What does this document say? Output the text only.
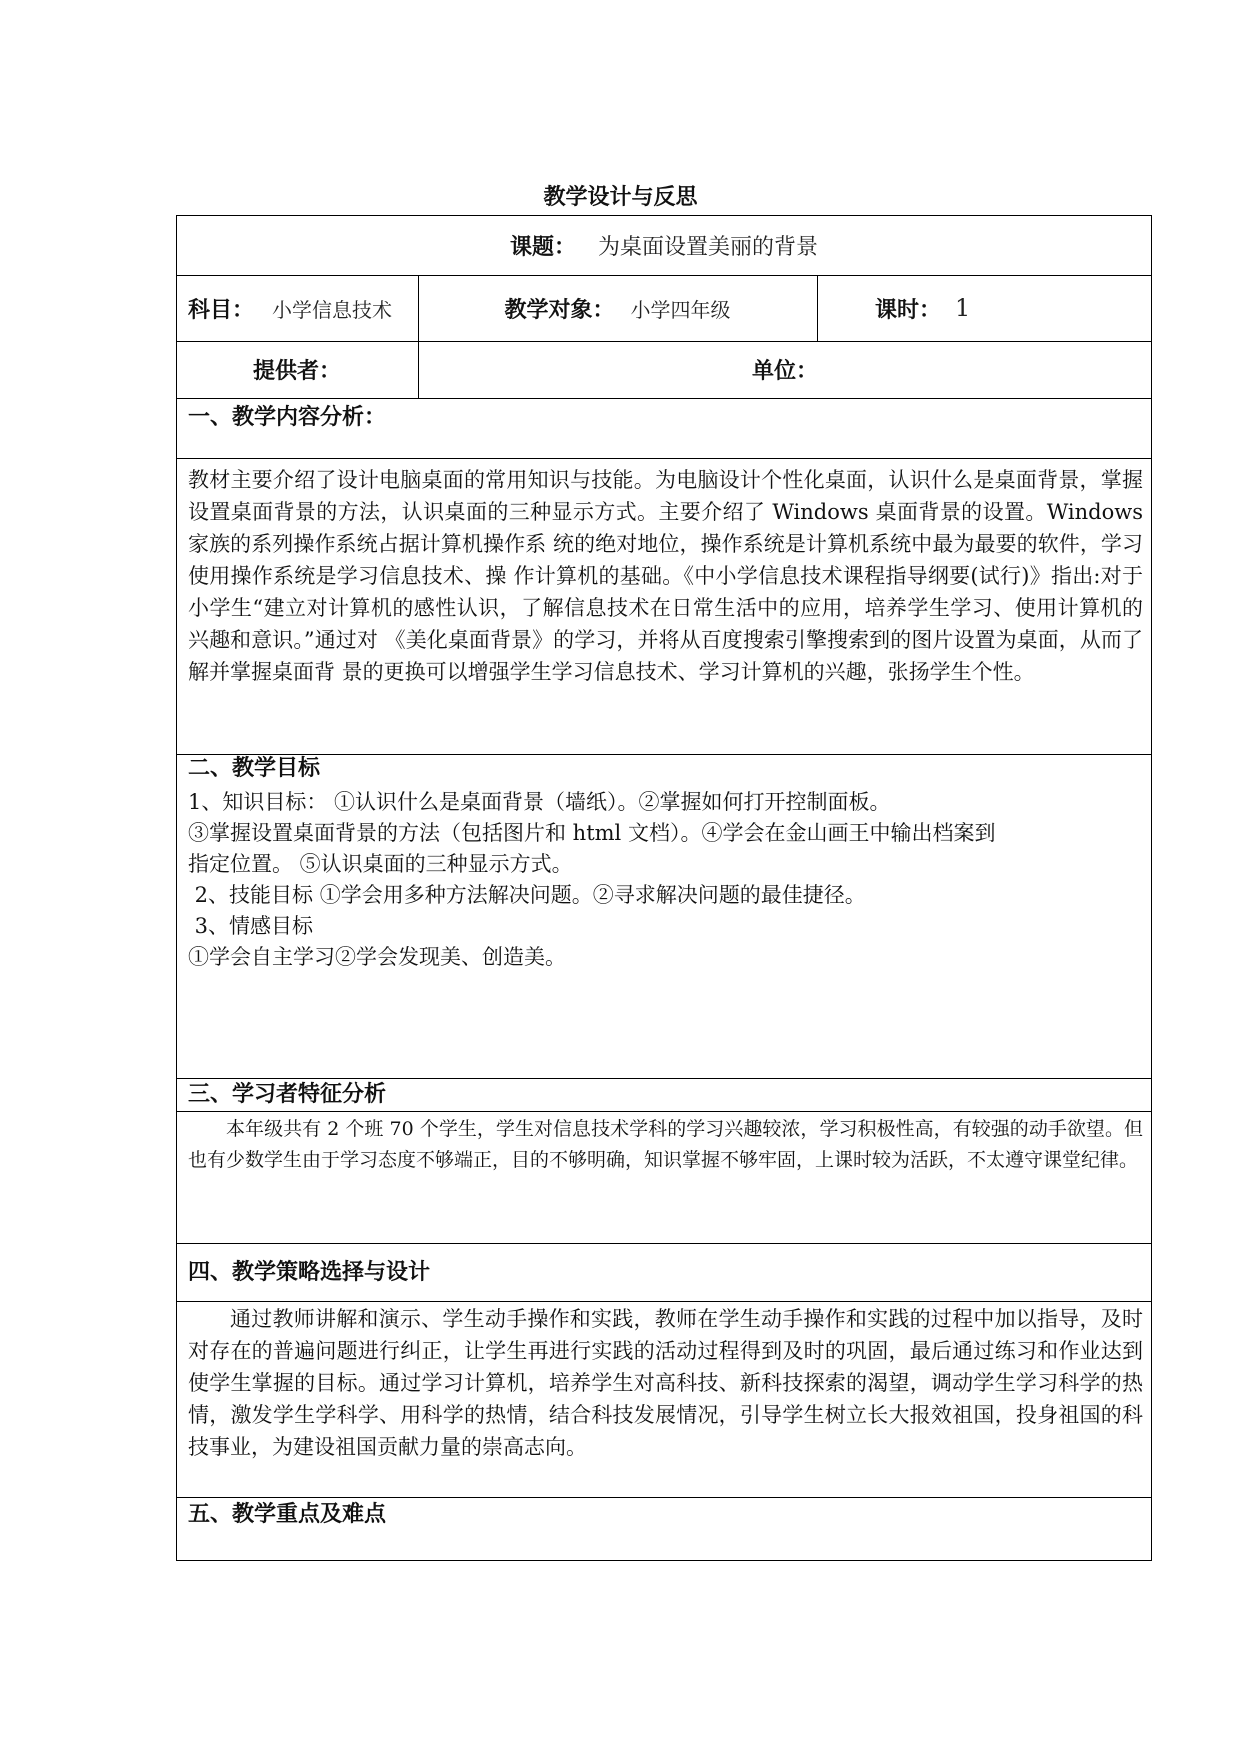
教学设计与反思
课题： 为桌面设置美丽的背景
科目： 小学信息技术	教学对象： 小学四年级	课时： 1
提供者：	单位：
一、教学内容分析：
教材主要介绍了设计电脑桌面的常用知识与技能。为电脑设计个性化桌面，认识什么是桌面背景，掌握设置桌面背景的方法，认识桌面的三种显示方式。主要介绍了 Windows 桌面背景的设置。Windows 家族的系列操作系统占据计算机操作系 统的绝对地位，操作系统是计算机系统中最为最要的软件，学习使用操作系统是学习信息技术、操 作计算机的基础。《中小学信息技术课程指导纲要(试行)》指出:对于小学生“建立对计算机的感性认识，了解信息技术在日常生活中的应用，培养学生学习、使用计算机的兴趣和意识。”通过对 《美化桌面背景》的学习，并将从百度搜索引擎搜索到的图片设置为桌面，从而了解并掌握桌面背 景的更换可以增强学生学习信息技术、学习计算机的兴趣，张扬学生个性。
二、教学目标
1、知识目标： ①认识什么是桌面背景（墙纸）。②掌握如何打开控制面板。
③掌握设置桌面背景的方法（包括图片和 html 文档）。④学会在金山画王中输出档案到
指定位置。 ⑤认识桌面的三种显示方式。
2、技能目标 ①学会用多种方法解决问题。②寻求解决问题的最佳捷径。
3、情感目标
①学会自主学习②学会发现美、创造美。
三、学习者特征分析
本年级共有 2 个班 70 个学生，学生对信息技术学科的学习兴趣较浓，学习积极性高，有较强的动手欲望。但也有少数学生由于学习态度不够端正，目的不够明确，知识掌握不够牢固，上课时较为活跃，不太遵守课堂纪律。
四、教学策略选择与设计
通过教师讲解和演示、学生动手操作和实践，教师在学生动手操作和实践的过程中加以指导，及时对存在的普遍问题进行纠正，让学生再进行实践的活动过程得到及时的巩固，最后通过练习和作业达到使学生掌握的目标。通过学习计算机，培养学生对高科技、新科技探索的渴望，调动学生学习科学的热情，激发学生学科学、用科学的热情，结合科技发展情况，引导学生树立长大报效祖国，投身祖国的科技事业，为建设祖国贡献力量的崇高志向。
五、教学重点及难点
